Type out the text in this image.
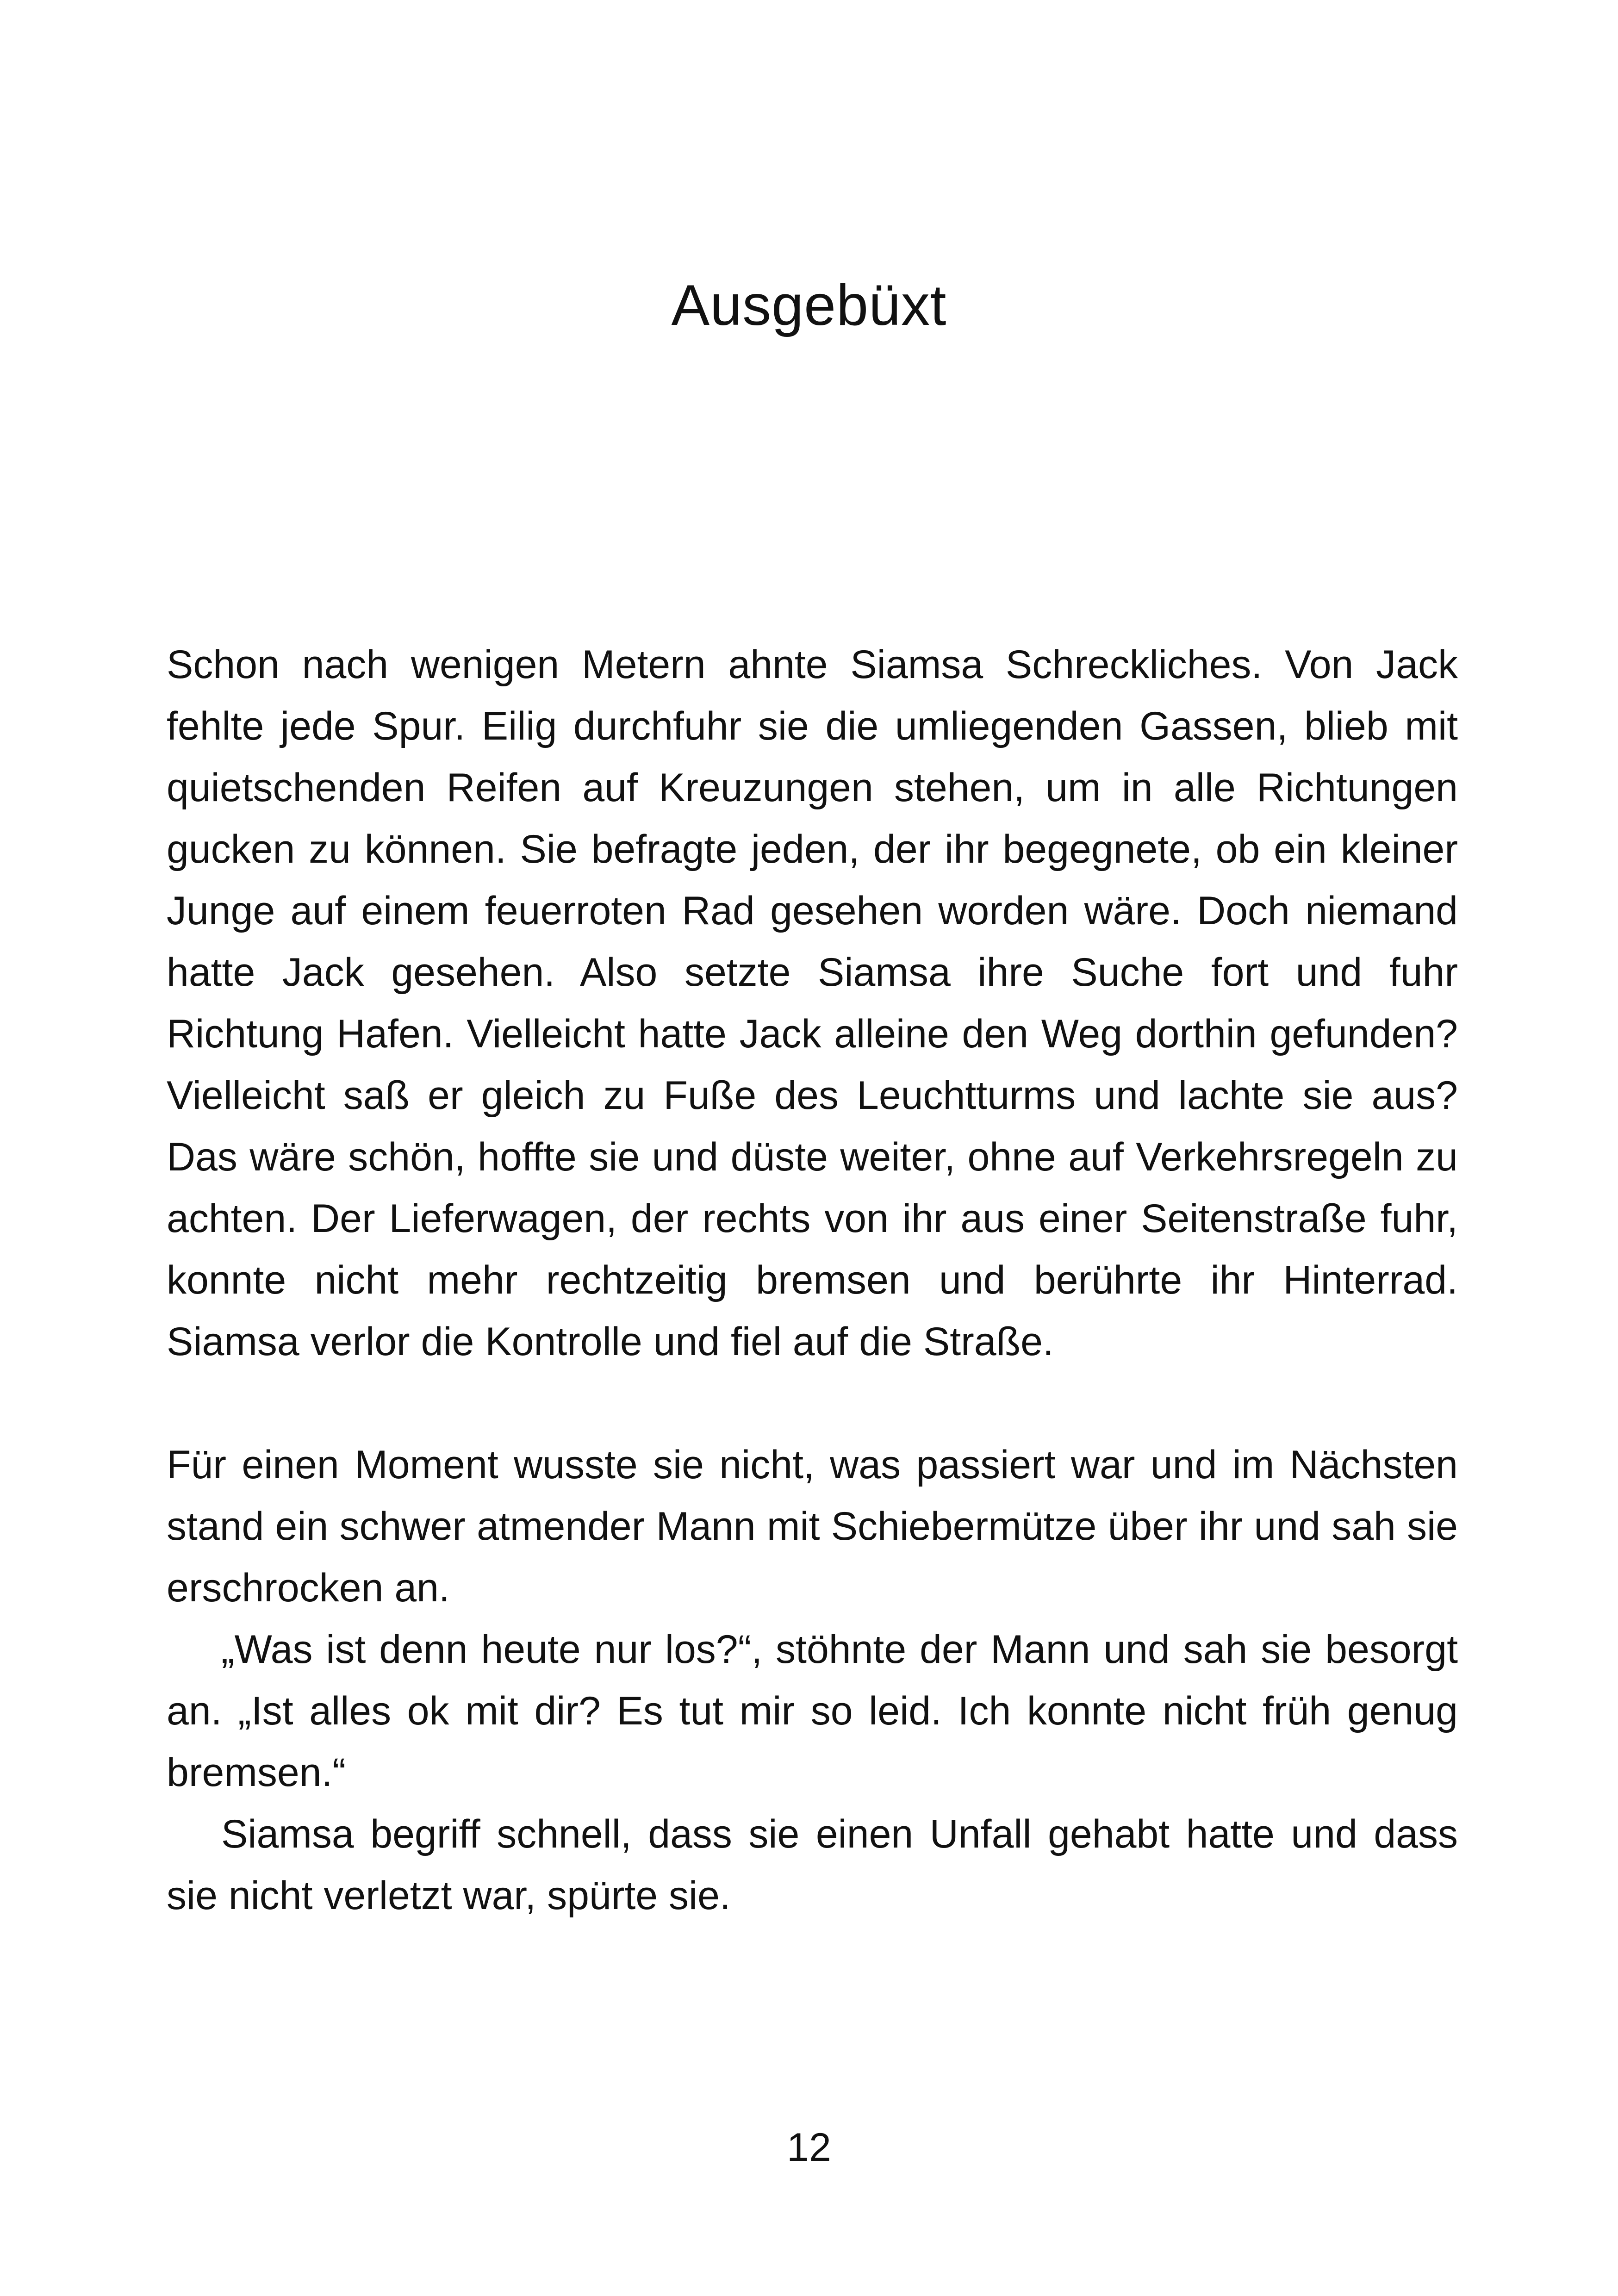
Ausgebüxt

Schon nach wenigen Metern ahnte Siamsa Schreckliches. Von Jack fehlte jede Spur. Eilig durchfuhr sie die umliegenden Gassen, blieb mit quietschenden Reifen auf Kreuzungen stehen, um in alle Richtungen gucken zu können. Sie befragte jeden, der ihr begegnete, ob ein kleiner Junge auf einem feuerroten Rad gesehen worden wäre. Doch niemand hatte Jack gesehen. Also setzte Siamsa ihre Suche fort und fuhr Richtung Hafen. Vielleicht hatte Jack alleine den Weg dorthin gefunden? Vielleicht saß er gleich zu Fuße des Leuchtturms und lachte sie aus? Das wäre schön, hoffte sie und düste weiter, ohne auf Verkehrsregeln zu achten. Der Lieferwagen, der rechts von ihr aus einer Seitenstraße fuhr, konnte nicht mehr rechtzeitig bremsen und berührte ihr Hinterrad. Siamsa verlor die Kontrolle und fiel auf die Straße.

Für einen Moment wusste sie nicht, was passiert war und im Nächsten stand ein schwer atmender Mann mit Schiebermütze über ihr und sah sie erschrocken an.

„Was ist denn heute nur los?“, stöhnte der Mann und sah sie besorgt an. „Ist alles ok mit dir? Es tut mir so leid. Ich konnte nicht früh genug bremsen.“

Siamsa begriff schnell, dass sie einen Unfall gehabt hatte und dass sie nicht verletzt war, spürte sie.

12
